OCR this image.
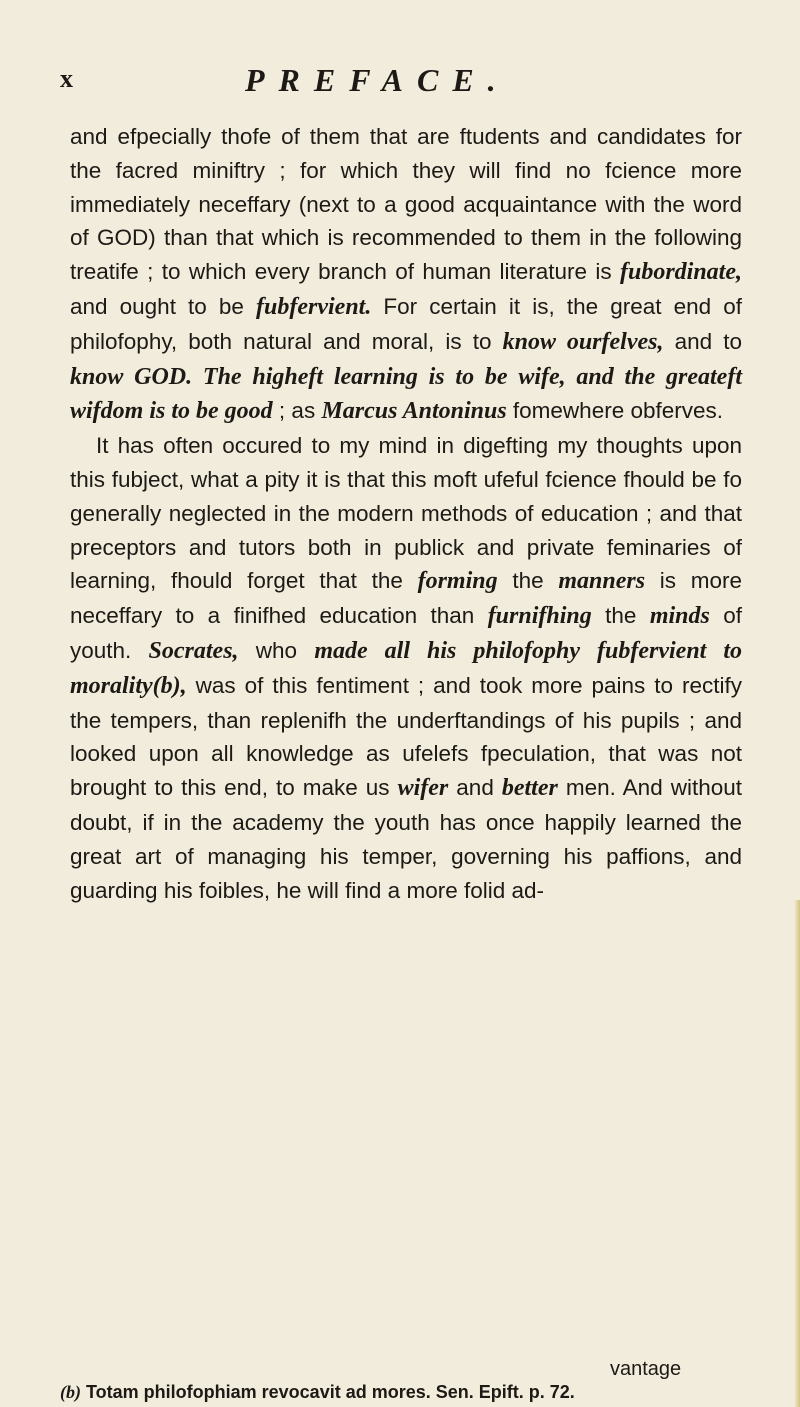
x	PREFACE.

and efpecially thofe of them that are ftudents and candidates for the facred miniftry ; for which they will find no fcience more immediately neceffary (next to a good acquaintance with the word of GOD) than that which is recommended to them in the following treatife ; to which every branch of human literature is fubordinate, and ought to be fubfervient. For certain it is, the great end of philofophy, both natural and moral, is to know ourfelves, and to know GOD. The higheft learning is to be wife, and the greateft wifdom is to be good ; as Marcus Antoninus fomewhere obferves.

It has often occured to my mind in digefting my thoughts upon this fubject, what a pity it is that this moft ufeful fcience fhould be fo generally neglected in the modern methods of education ; and that preceptors and tutors both in publick and private feminaries of learning, fhould forget that the forming the manners is more neceffary to a finifhed education than furnifhing the minds of youth. Socrates, who made all his philofophy fubfervient to morality(b), was of this fentiment ; and took more pains to rectify the tempers, than replenifh the underftandings of his pupils ; and looked upon all knowledge as ufelefs fpeculation, that was not brought to this end, to make us wifer and better men. And without doubt, if in the academy the youth has once happily learned the great art of managing his temper, governing his paffions, and guarding his foibles, he will find a more folid ad-

vantage
(b) Totam philofophiam revocavit ad mores. Sen. Epift. p. 72.
